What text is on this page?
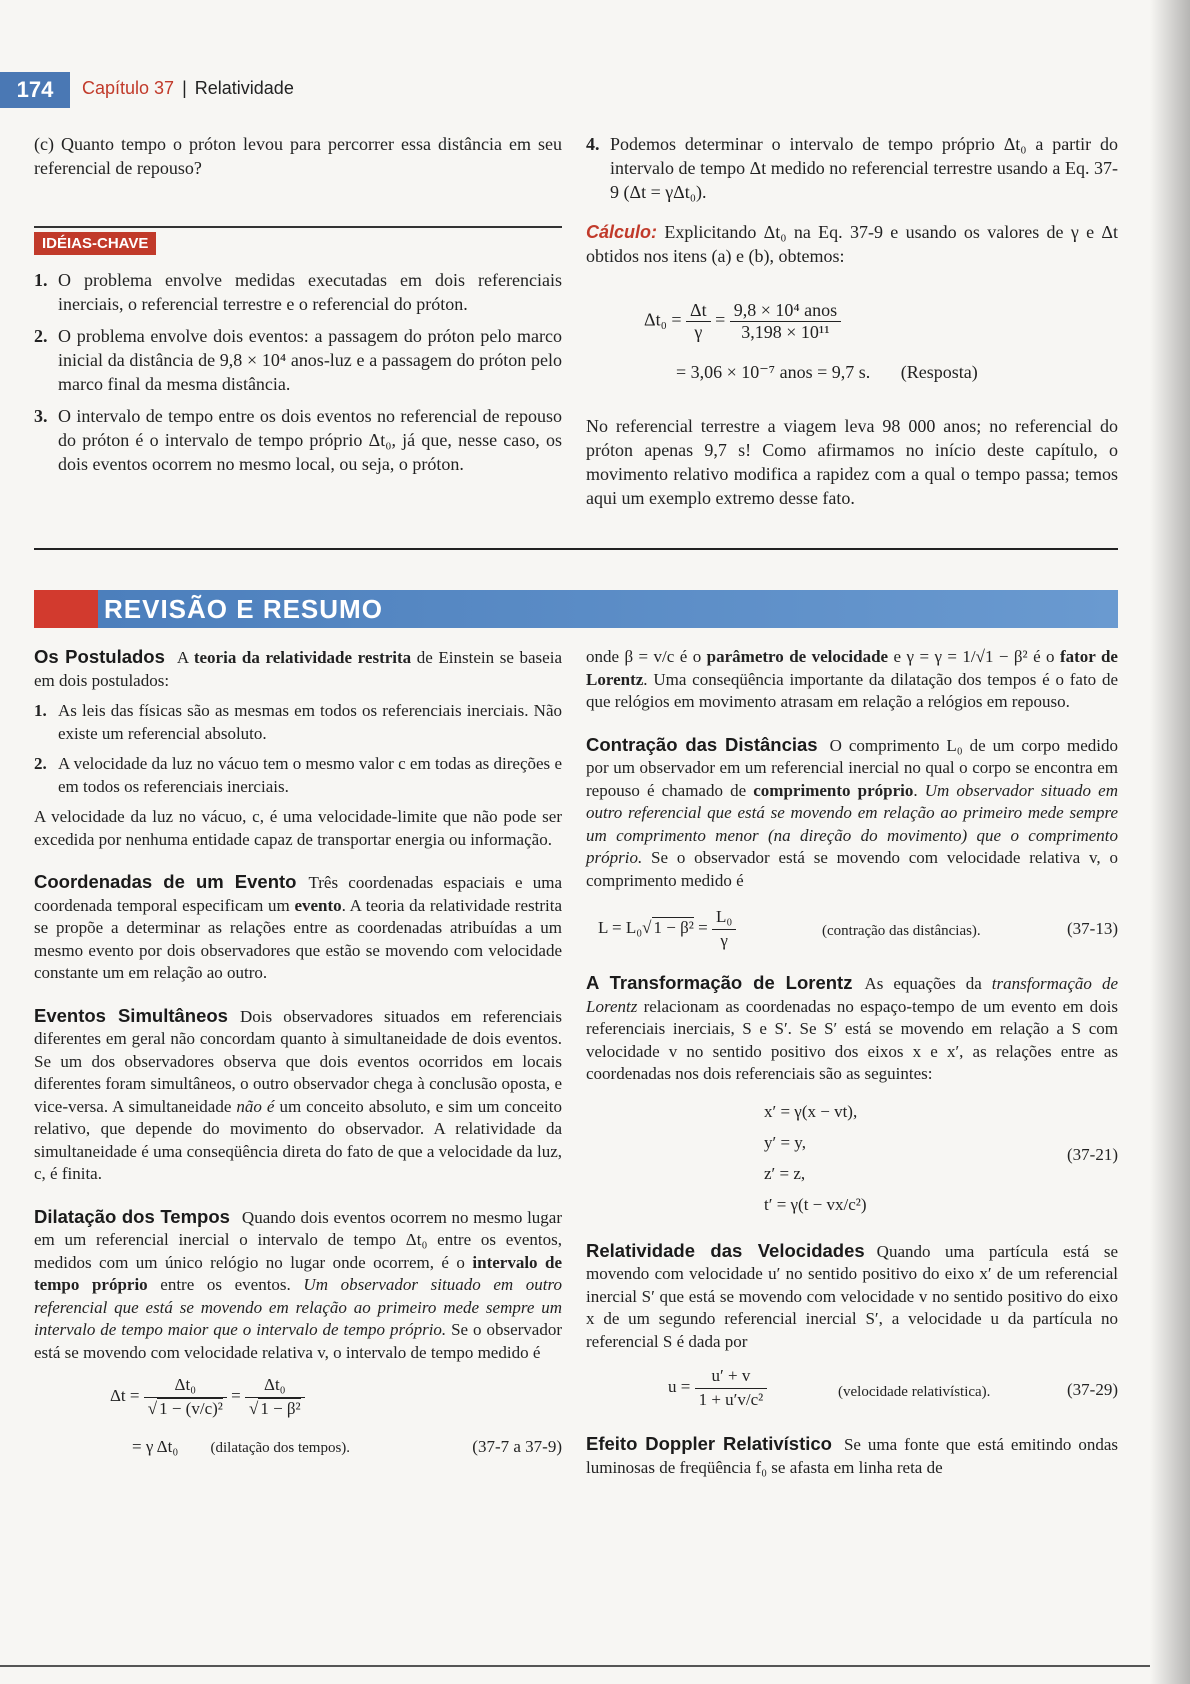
174	Capítulo 37 | Relatividade

(c) Quanto tempo o próton levou para percorrer essa distância em seu referencial de repouso?

IDÉIAS-CHAVE
1. O problema envolve medidas executadas em dois referenciais inerciais, o referencial terrestre e o referencial do próton.
2. O problema envolve dois eventos: a passagem do próton pelo marco inicial da distância de 9,8 × 10⁴ anos-luz e a passagem do próton pelo marco final da mesma distância.
3. O intervalo de tempo entre os dois eventos no referencial de repouso do próton é o intervalo de tempo próprio Δt₀, já que, nesse caso, os dois eventos ocorrem no mesmo local, ou seja, o próton.
4. Podemos determinar o intervalo de tempo próprio Δt₀ a partir do intervalo de tempo Δt medido no referencial terrestre usando a Eq. 37-9 (Δt = γΔt₀).

Cálculo: Explicitando Δt₀ na Eq. 37-9 e usando os valores de γ e Δt obtidos nos itens (a) e (b), obtemos:

$\Delta t_0 = \frac{\Delta t}{\gamma} = \frac{\text{9,8 × 10⁴ anos}}{\text{3,198 × 10¹¹}}$
= 3,06 × 10⁻⁷ anos = 9,7 s. (Resposta)

No referencial terrestre a viagem leva 98 000 anos; no referencial do próton apenas 9,7 s! Como afirmamos no início deste capítulo, o movimento relativo modifica a rapidez com a qual o tempo passa; temos aqui um exemplo extremo desse fato.

REVISÃO E RESUMO

Os Postulados A teoria da relatividade restrita de Einstein se baseia em dois postulados:

1. As leis das físicas são as mesmas em todos os referenciais inerciais. Não existe um referencial absoluto.
2. A velocidade da luz no vácuo tem o mesmo valor c em todas as direções e em todos os referenciais inerciais.

A velocidade da luz no vácuo, c, é uma velocidade-limite que não pode ser excedida por nenhuma entidade capaz de transportar energia ou informação.

Coordenadas de um Evento Três coordenadas espaciais e uma coordenada temporal especificam um evento. A teoria da relatividade restrita se propõe a determinar as relações entre as coordenadas atribuídas a um mesmo evento por dois observadores que estão se movendo com velocidade constante um em relação ao outro.

Eventos Simultâneos Dois observadores situados em referenciais diferentes em geral não concordam quanto à simultaneidade de dois eventos. Se um dos observadores observa que dois eventos ocorridos em locais diferentes foram simultâneos, o outro observador chega à conclusão oposta, e vice-versa. A simultaneidade não é um conceito absoluto, e sim um conceito relativo, que depende do movimento do observador. A relatividade da simultaneidade é uma conseqüência direta do fato de que a velocidade da luz, c, é finita.

Dilatação dos Tempos Quando dois eventos ocorrem no mesmo lugar em um referencial inercial o intervalo de tempo Δt₀ entre os eventos, medidos com um único relógio no lugar onde ocorrem, é o intervalo de tempo próprio entre os eventos. Um observador situado em outro referencial que está se movendo em relação ao primeiro mede sempre um intervalo de tempo maior que o intervalo de tempo próprio. Se o observador está se movendo com velocidade relativa v, o intervalo de tempo medido é

$\Delta t = \frac{\text{Δt₀}}{\text{√ 1 − (v/c)²}} = \frac{\text{Δt₀}}{\text{√ 1 − β²}}$
= γ Δt₀ (dilatação dos tempos).	(37-7 a 37-9)

onde β = v/c é o parâmetro de velocidade e γ = γ = 1/√1 − β² é o fator de Lorentz. Uma conseqüência importante da dilatação dos tempos é o fato de que relógios em movimento atrasam em relação a relógios em repouso.

Contração das Distâncias O comprimento L₀ de um corpo medido por um observador em um referencial inercial no qual o corpo se encontra em repouso é chamado de comprimento próprio. Um observador situado em outro referencial que está se movendo em relação ao primeiro mede sempre um comprimento menor (na direção do movimento) que o comprimento próprio. Se o observador está se movendo com velocidade relativa v, o comprimento medido é

L = L₀√ $1 - \beta^2 = \frac{\text{L₀}}{\gamma}$	(contração das distâncias).	(37-13)

A Transformação de Lorentz As equações da transformação de Lorentz relacionam as coordenadas no espaço-tempo de um evento em dois referenciais inerciais, S e S′. Se S′ está se movendo em relação a S com velocidade v no sentido positivo dos eixos x e x′, as relações entre as coordenadas nos dois referenciais são as seguintes:

x′ = γ(x − vt),
y′ = y,
z′ = z,
t′ = γ(t − vx/c²)
(37-21)

Relatividade das Velocidades Quando uma partícula está se movendo com velocidade u′ no sentido positivo do eixo x′ de um referencial inercial S′ que está se movendo com velocidade v no sentido positivo do eixo x de um segundo referencial inercial S′, a velocidade u da partícula no referencial S é dada por

$u = \frac{u' + v}{\text{1 + u′v/c²}}$	(velocidade relativística).	(37-29)

Efeito Doppler Relativístico Se uma fonte que está emitindo ondas luminosas de freqüência f₀ se afasta em linha reta de
